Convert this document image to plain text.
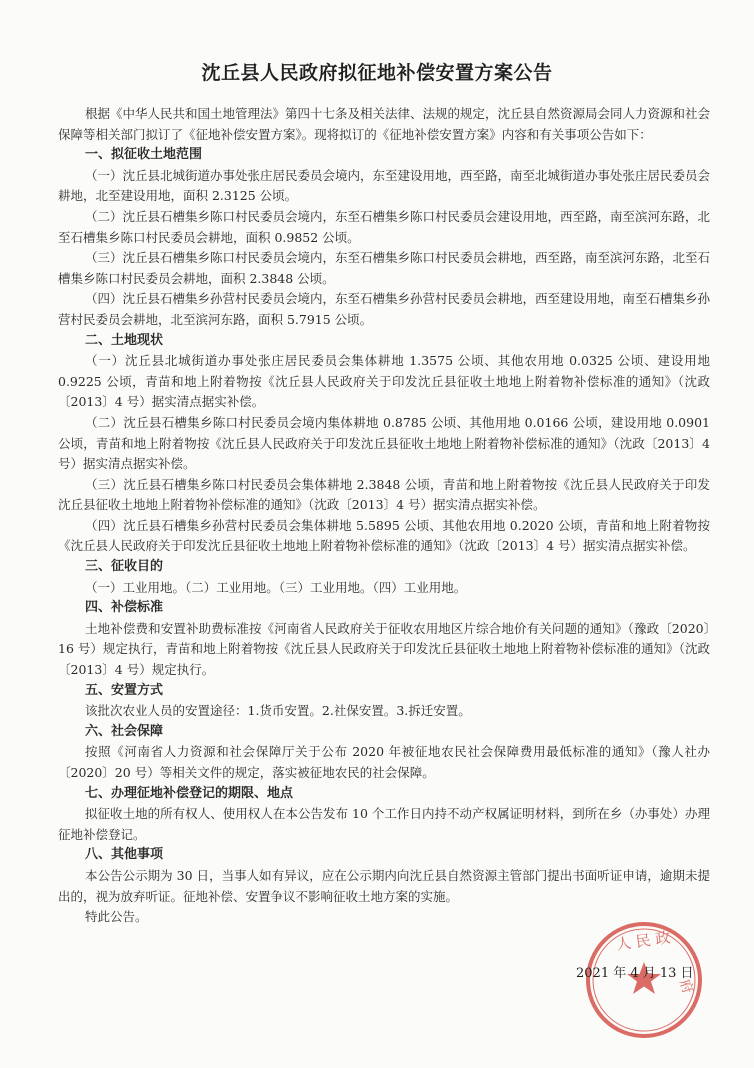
沈丘县人民政府拟征地补偿安置方案公告

根据《中华人民共和国土地管理法》第四十七条及相关法律、法规的规定，沈丘县自然资源局会同人力资源和社会保障等相关部门拟订了《征地补偿安置方案》。现将拟订的《征地补偿安置方案》内容和有关事项公告如下：

一、拟征收土地范围

（一）沈丘县北城街道办事处张庄居民委员会境内，东至建设用地，西至路，南至北城街道办事处张庄居民委员会耕地，北至建设用地，面积 2.3125 公顷。

（二）沈丘县石槽集乡陈口村民委员会境内，东至石槽集乡陈口村民委员会建设用地，西至路，南至滨河东路，北至石槽集乡陈口村民委员会耕地，面积 0.9852 公顷。

（三）沈丘县石槽集乡陈口村民委员会境内，东至石槽集乡陈口村民委员会耕地，西至路，南至滨河东路，北至石槽集乡陈口村民委员会耕地，面积 2.3848 公顷。

（四）沈丘县石槽集乡孙营村民委员会境内，东至石槽集乡孙营村民委员会耕地，西至建设用地，南至石槽集乡孙营村民委员会耕地，北至滨河东路，面积 5.7915 公顷。

二、土地现状

（一）沈丘县北城街道办事处张庄居民委员会集体耕地 1.3575 公顷、其他农用地 0.0325 公顷、建设用地 0.9225 公顷，青苗和地上附着物按《沈丘县人民政府关于印发沈丘县征收土地地上附着物补偿标准的通知》（沈政〔2013〕4 号）据实清点据实补偿。

（二）沈丘县石槽集乡陈口村民委员会境内集体耕地 0.8785 公顷、其他用地 0.0166 公顷，建设用地 0.0901 公顷，青苗和地上附着物按《沈丘县人民政府关于印发沈丘县征收土地地上附着物补偿标准的通知》（沈政〔2013〕4 号）据实清点据实补偿。

（三）沈丘县石槽集乡陈口村民委员会集体耕地 2.3848 公顷，青苗和地上附着物按《沈丘县人民政府关于印发沈丘县征收土地地上附着物补偿标准的通知》（沈政〔2013〕4 号）据实清点据实补偿。

（四）沈丘县石槽集乡孙营村民委员会集体耕地 5.5895 公顷、其他农用地 0.2020 公顷，青苗和地上附着物按《沈丘县人民政府关于印发沈丘县征收土地地上附着物补偿标准的通知》（沈政〔2013〕4 号）据实清点据实补偿。

三、征收目的

（一）工业用地。（二）工业用地。（三）工业用地。（四）工业用地。

四、补偿标准

土地补偿费和安置补助费标准按《河南省人民政府关于征收农用地区片综合地价有关问题的通知》（豫政〔2020〕16 号）规定执行，青苗和地上附着物按《沈丘县人民政府关于印发沈丘县征收土地地上附着物补偿标准的通知》（沈政〔2013〕4 号）规定执行。

五、安置方式

该批次农业人员的安置途径：1.货币安置。2.社保安置。3.拆迁安置。

六、社会保障

按照《河南省人力资源和社会保障厅关于公布 2020 年被征地农民社会保障费用最低标准的通知》（豫人社办〔2020〕20 号）等相关文件的规定，落实被征地农民的社会保障。

七、办理征地补偿登记的期限、地点

拟征收土地的所有权人、使用权人在本公告发布 10 个工作日内持不动产权属证明材料，到所在乡（办事处）办理征地补偿登记。

八、其他事项

本公告公示期为 30 日，当事人如有异议，应在公示期内向沈丘县自然资源主管部门提出书面听证申请，逾期未提出的，视为放弃听证。征地补偿、安置争议不影响征收土地方案的实施。

特此公告。

人 民 政
府
2021 年 4 月 13 日
